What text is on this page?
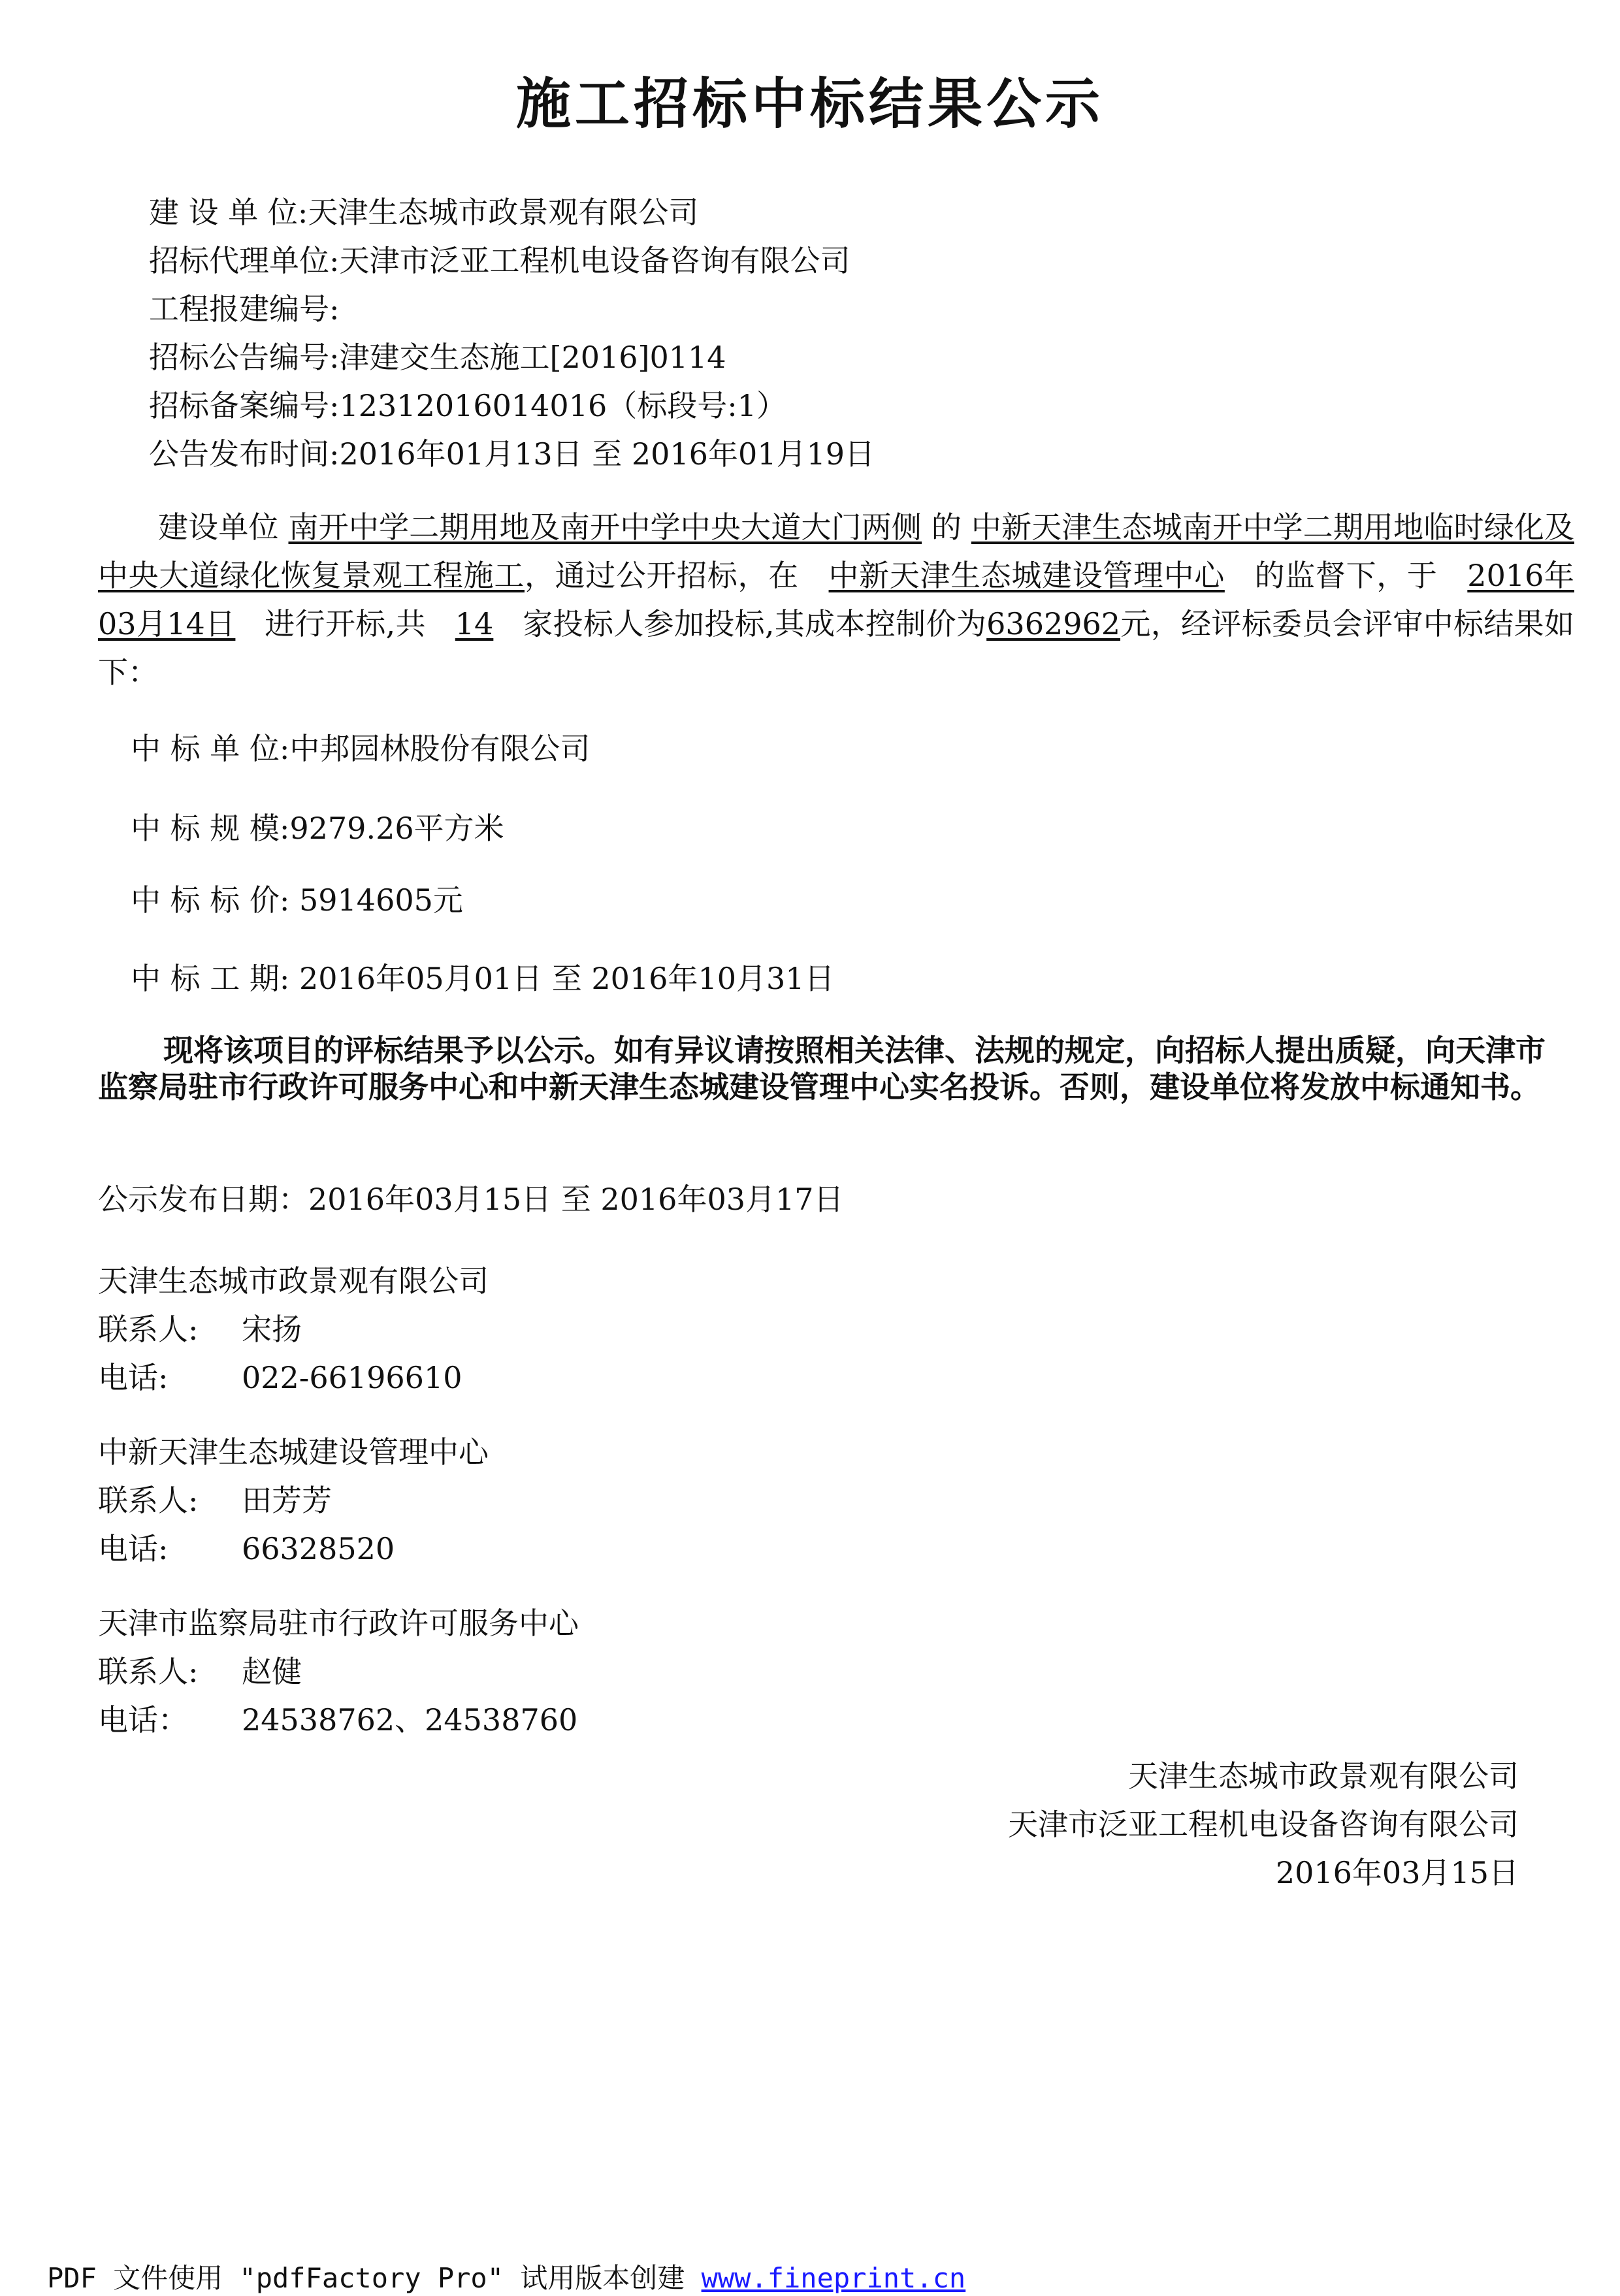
施工招标中标结果公示
建 设 单 位:天津生态城市政景观有限公司
招标代理单位:天津市泛亚工程机电设备咨询有限公司
工程报建编号:
招标公告编号:津建交生态施工[2016]0114
招标备案编号:12312016014016（标段号:1）
公告发布时间:2016年01月13日 至 2016年01月19日

建设单位 南开中学二期用地及南开中学中央大道大门两侧 的 中新天津生态城南开中学二期用地临时绿化及中央大道绿化恢复景观工程施工，通过公开招标，在 中新天津生态城建设管理中心 的监督下，于 2016年03月14日 进行开标,共 14 家投标人参加投标,其成本控制价为6362962元，经评标委员会评审中标结果如下：

中 标 单 位:中邦园林股份有限公司
中 标 规 模:9279.26平方米
中 标 标 价: 5914605元
中 标 工 期: 2016年05月01日 至 2016年10月31日

现将该项目的评标结果予以公示。如有异议请按照相关法律、法规的规定，向招标人提出质疑，向天津市监察局驻市行政许可服务中心和中新天津生态城建设管理中心实名投诉。否则，建设单位将发放中标通知书。

公示发布日期：2016年03月15日 至 2016年03月17日
天津生态城市政景观有限公司
联系人: 宋扬
电话: 022-66196610
中新天津生态城建设管理中心
联系人: 田芳芳
电话: 66328520
天津市监察局驻市行政许可服务中心
联系人: 赵健
电话： 24538762、24538760
天津生态城市政景观有限公司
天津市泛亚工程机电设备咨询有限公司
2016年03月15日
PDF 文件使用 "pdfFactory Pro" 试用版本创建 www.fineprint.cn
